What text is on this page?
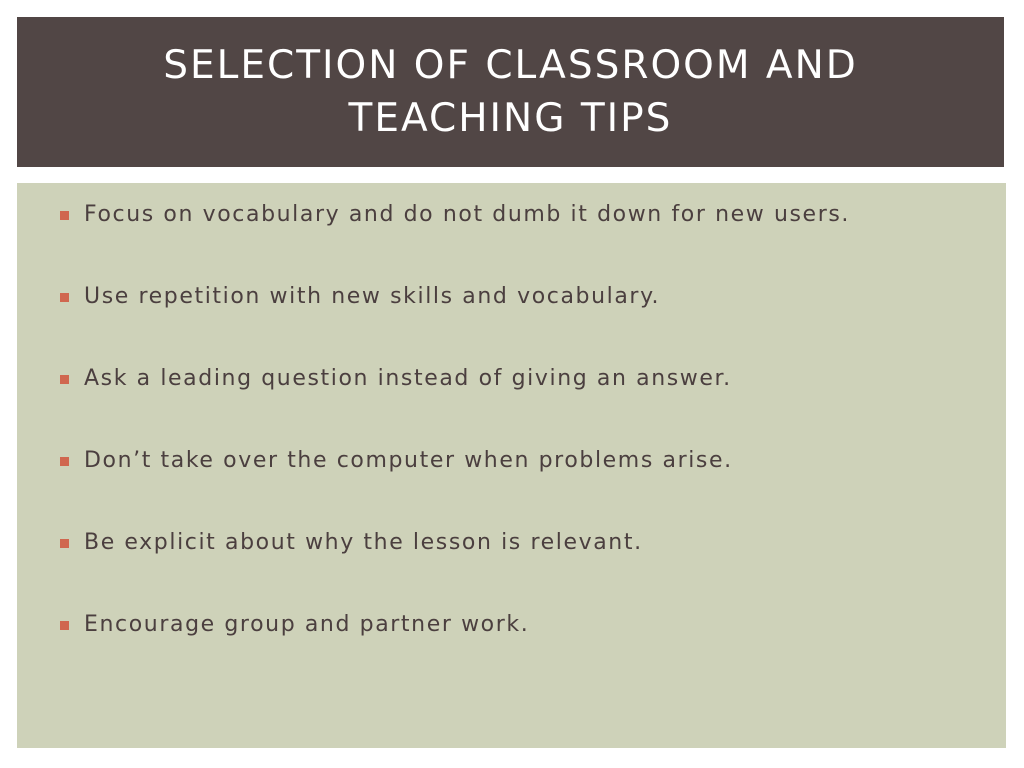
SELECTION OF CLASSROOM AND TEACHING TIPS
Focus on vocabulary and do not dumb it down for new users.
Use repetition with new skills and vocabulary.
Ask a leading question instead of giving an answer.
Don’t take over the computer when problems arise.
Be explicit about why the lesson is relevant.
Encourage group and partner work.
